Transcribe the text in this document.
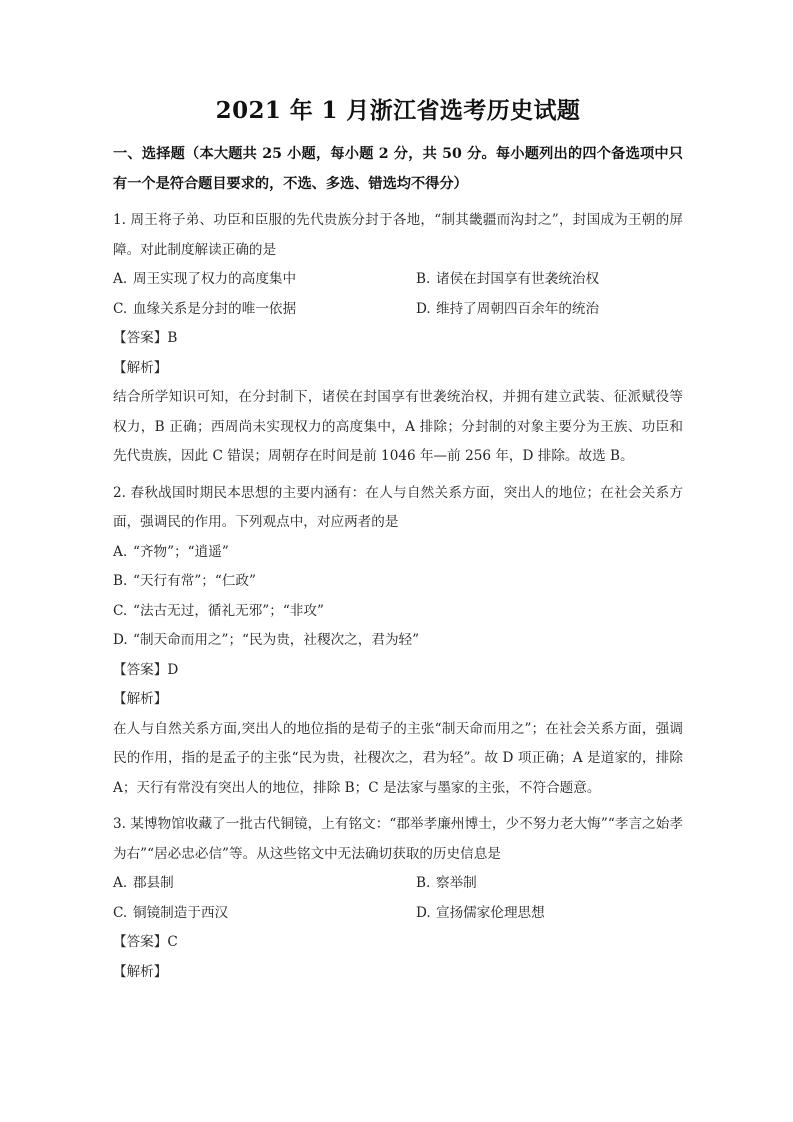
2021 年 1 月浙江省选考历史试题

一、选择题（本大题共 25 小题，每小题 2 分，共 50 分。每小题列出的四个备选项中只有一个是符合题目要求的，不选、多选、错选均不得分）

1. 周王将子弟、功臣和臣服的先代贵族分封于各地，“制其畿疆而沟封之”，封国成为王朝的屏障。对此制度解读正确的是

A. 周王实现了权力的高度集中	B. 诸侯在封国享有世袭统治权
C. 血缘关系是分封的唯一依据	D. 维持了周朝四百余年的统治

【答案】B

【解析】

结合所学知识可知，在分封制下，诸侯在封国享有世袭统治权，并拥有建立武装、征派赋役等权力，B 正确；西周尚未实现权力的高度集中，A 排除；分封制的对象主要分为王族、功臣和先代贵族，因此 C 错误；周朝存在时间是前 1046 年—前 256 年，D 排除。故选 B。

2. 春秋战国时期民本思想的主要内涵有：在人与自然关系方面，突出人的地位；在社会关系方面，强调民的作用。下列观点中，对应两者的是

A. “齐物”；“逍遥”
B. “天行有常”；“仁政”
C. “法古无过，循礼无邪”；“非攻”
D. “制天命而用之”；“民为贵，社稷次之，君为轻”

【答案】D

【解析】

在人与自然关系方面,突出人的地位指的是荀子的主张“制天命而用之”；在社会关系方面，强调民的作用，指的是孟子的主张“民为贵，社稷次之，君为轻”。故 D 项正确；A 是道家的，排除 A；天行有常没有突出人的地位，排除 B；C 是法家与墨家的主张，不符合题意。

3. 某博物馆收藏了一批古代铜镜，上有铭文：“郡举孝廉州博士，少不努力老大悔”“孝言之始孝为右”“居必忠必信”等。从这些铭文中无法确切获取的历史信息是

A. 郡县制	B. 察举制
C. 铜镜制造于西汉	D. 宣扬儒家伦理思想

【答案】C

【解析】
